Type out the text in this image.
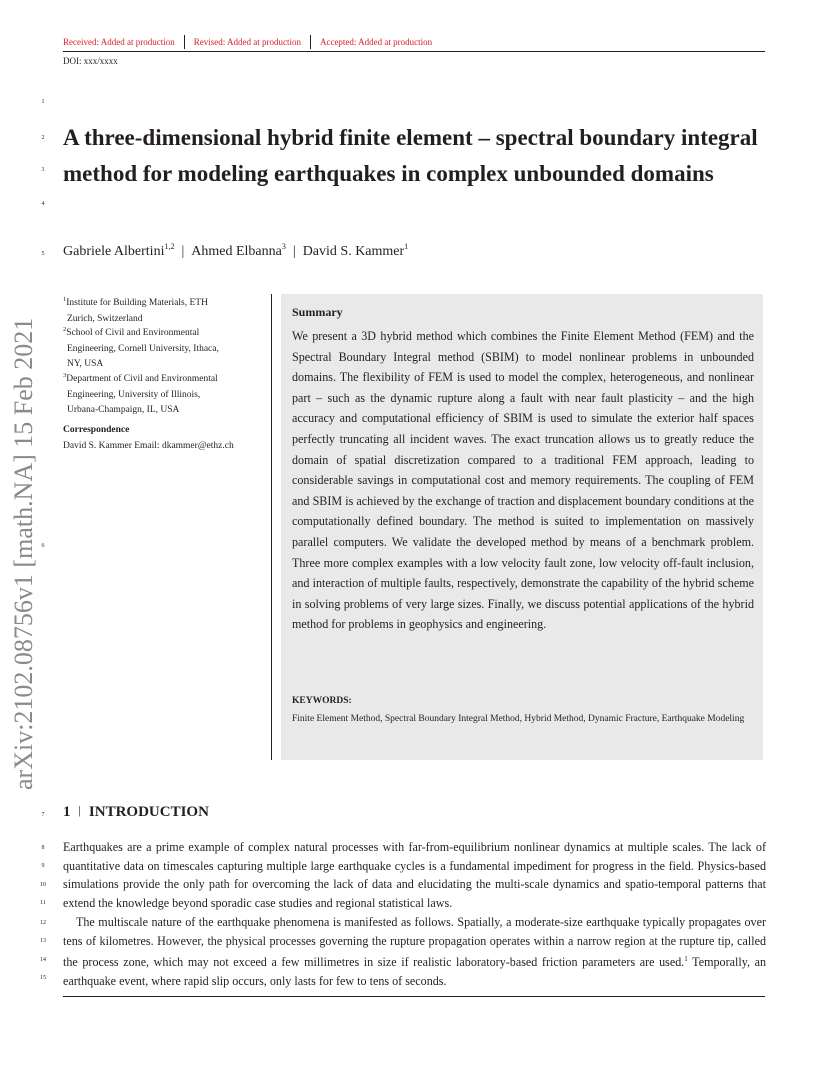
Received: Added at production Revised: Added at production Accepted: Added at production
DOI: xxx/xxxx
arXiv:2102.08756v1 [math.NA] 15 Feb 2021
1
2
3
4
5
6
7
8
9
10
11
12
13
14
15
A three-dimensional hybrid finite element – spectral boundary integral method for modeling earthquakes in complex unbounded domains
Gabriele Albertini$^{1,2}$ | Ahmed Elbanna$^3$ | David S. Kammer$^1$
$^1$Institute for Building Materials, ETH
Zurich, Switzerland
$^2$School of Civil and Environmental
Engineering, Cornell University, Ithaca,
NY, USA
$^3$Department of Civil and Environmental
Engineering, University of Illinois,
Urbana-Champaign, IL, USA
Correspondence
David S. Kammer Email: dkammer@ethz.ch
Summary
We present a 3D hybrid method which combines the Finite Element Method (FEM) and the Spectral Boundary Integral method (SBIM) to model nonlinear problems in unbounded domains. The flexibility of FEM is used to model the complex, heterogeneous, and nonlinear part – such as the dynamic rupture along a fault with near fault plasticity – and the high accuracy and computational efficiency of SBIM is used to simulate the exterior half spaces perfectly truncating all incident waves. The exact truncation allows us to greatly reduce the domain of spatial discretization compared to a traditional FEM approach, leading to considerable savings in computational cost and memory requirements. The coupling of FEM and SBIM is achieved by the exchange of traction and displacement boundary conditions at the computationally defined boundary. The method is suited to implementation on massively parallel computers. We validate the developed method by means of a benchmark problem. Three more complex examples with a low velocity fault zone, low velocity off-fault inclusion, and interaction of multiple faults, respectively, demonstrate the capability of the hybrid scheme in solving problems of very large sizes. Finally, we discuss potential applications of the hybrid method for problems in geophysics and engineering.
KEYWORDS:
Finite Element Method, Spectral Boundary Integral Method, Hybrid Method, Dynamic Fracture, Earthquake Modeling
1 | INTRODUCTION

Earthquakes are a prime example of complex natural processes with far-from-equilibrium nonlinear dynamics at multiple scales. The lack of quantitative data on timescales capturing multiple large earthquake cycles is a fundamental impediment for progress in the field. Physics-based simulations provide the only path for overcoming the lack of data and elucidating the multi-scale dynamics and spatio-temporal patterns that extend the knowledge beyond sporadic case studies and regional statistical laws.

The multiscale nature of the earthquake phenomena is manifested as follows. Spatially, a moderate-size earthquake typically propagates over tens of kilometres. However, the physical processes governing the rupture propagation operates within a narrow region at the rupture tip, called the process zone, which may not exceed a few millimetres in size if realistic laboratory-based friction parameters are used.$^1$ Temporally, an earthquake event, where rapid slip occurs, only lasts for few to tens of seconds.
